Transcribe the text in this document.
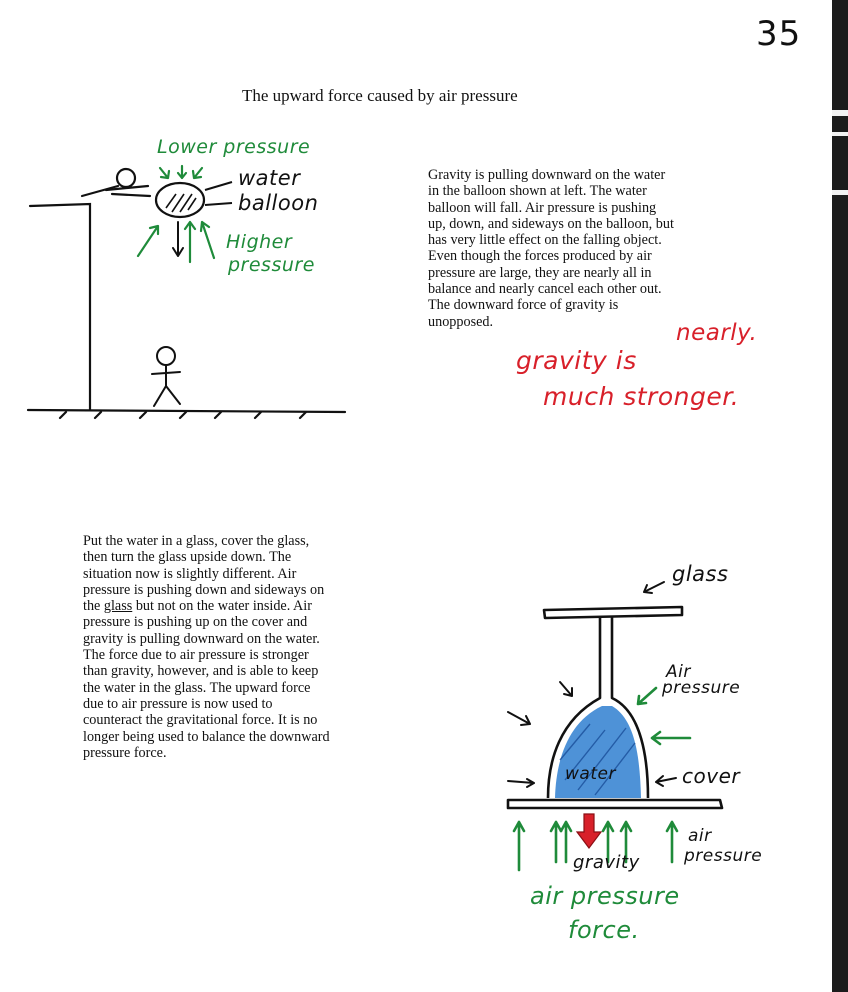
35
The upward force caused by air pressure
Lower pressure
water
balloon
Higher
pressure
Gravity is pulling downward on the water
in the balloon shown at left. The water
balloon will fall. Air pressure is pushing
up, down, and sideways on the balloon, but
has very little effect on the falling object.
Even though the forces produced by air
pressure are large, they are nearly all in
balance and nearly cancel each other out.
The downward force of gravity is
unopposed.	nearly.
gravity is
much stronger.
Put the water in a glass, cover the glass,
then turn the glass upside down. The
situation now is slightly different. Air
pressure is pushing down and sideways on
the glass but not on the water inside. Air
pressure is pushing up on the cover and
gravity is pulling downward on the water.
The force due to air pressure is stronger
than gravity, however, and is able to keep
the water in the glass. The upward force
due to air pressure is now used to
counteract the gravitational force. It is no
longer being used to balance the downward
pressure force.
glass
Air
pressure
water	cover
gravity
air
pressure
air pressure
force.
